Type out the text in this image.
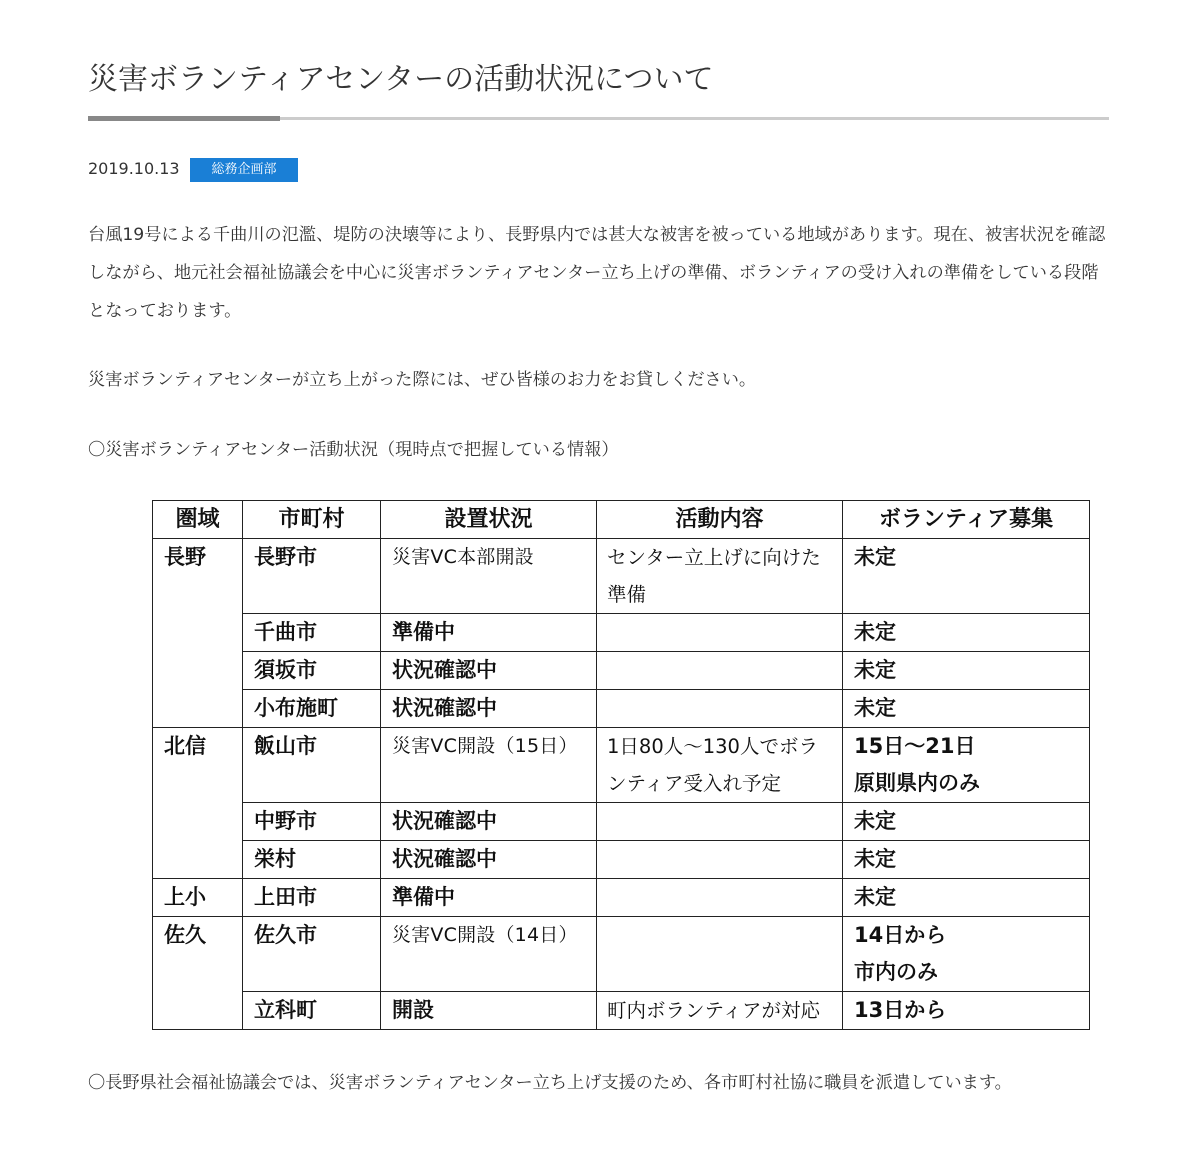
災害ボランティアセンターの活動状況について
2019.10.13	総務企画部

台風19号による千曲川の氾濫、堤防の決壊等により、長野県内では甚大な被害を被っている地域があります。現在、被害状況を確認しながら、地元社会福祉協議会を中心に災害ボランティアセンター立ち上げの準備、ボランティアの受け入れの準備をしている段階となっております。

災害ボランティアセンターが立ち上がった際には、ぜひ皆様のお力をお貸しください。

〇災害ボランティアセンター活動状況（現時点で把握している情報）

圏域	市町村	設置状況	活動内容	ボランティア募集
長野	長野市	災害VC本部開設	センター立上げに向けた準備	未定
	千曲市	準備中		未定
	須坂市	状況確認中		未定
	小布施町	状況確認中		未定
北信	飯山市	災害VC開設（15日）	1日80人～130人でボランティア受入れ予定	15日～21日
原則県内のみ
	中野市	状況確認中		未定
	栄村	状況確認中		未定
上小	上田市	準備中		未定
佐久	佐久市	災害VC開設（14日）		14日から
市内のみ
	立科町	開設	町内ボランティアが対応	13日から

〇長野県社会福祉協議会では、災害ボランティアセンター立ち上げ支援のため、各市町村社協に職員を派遣しています。
